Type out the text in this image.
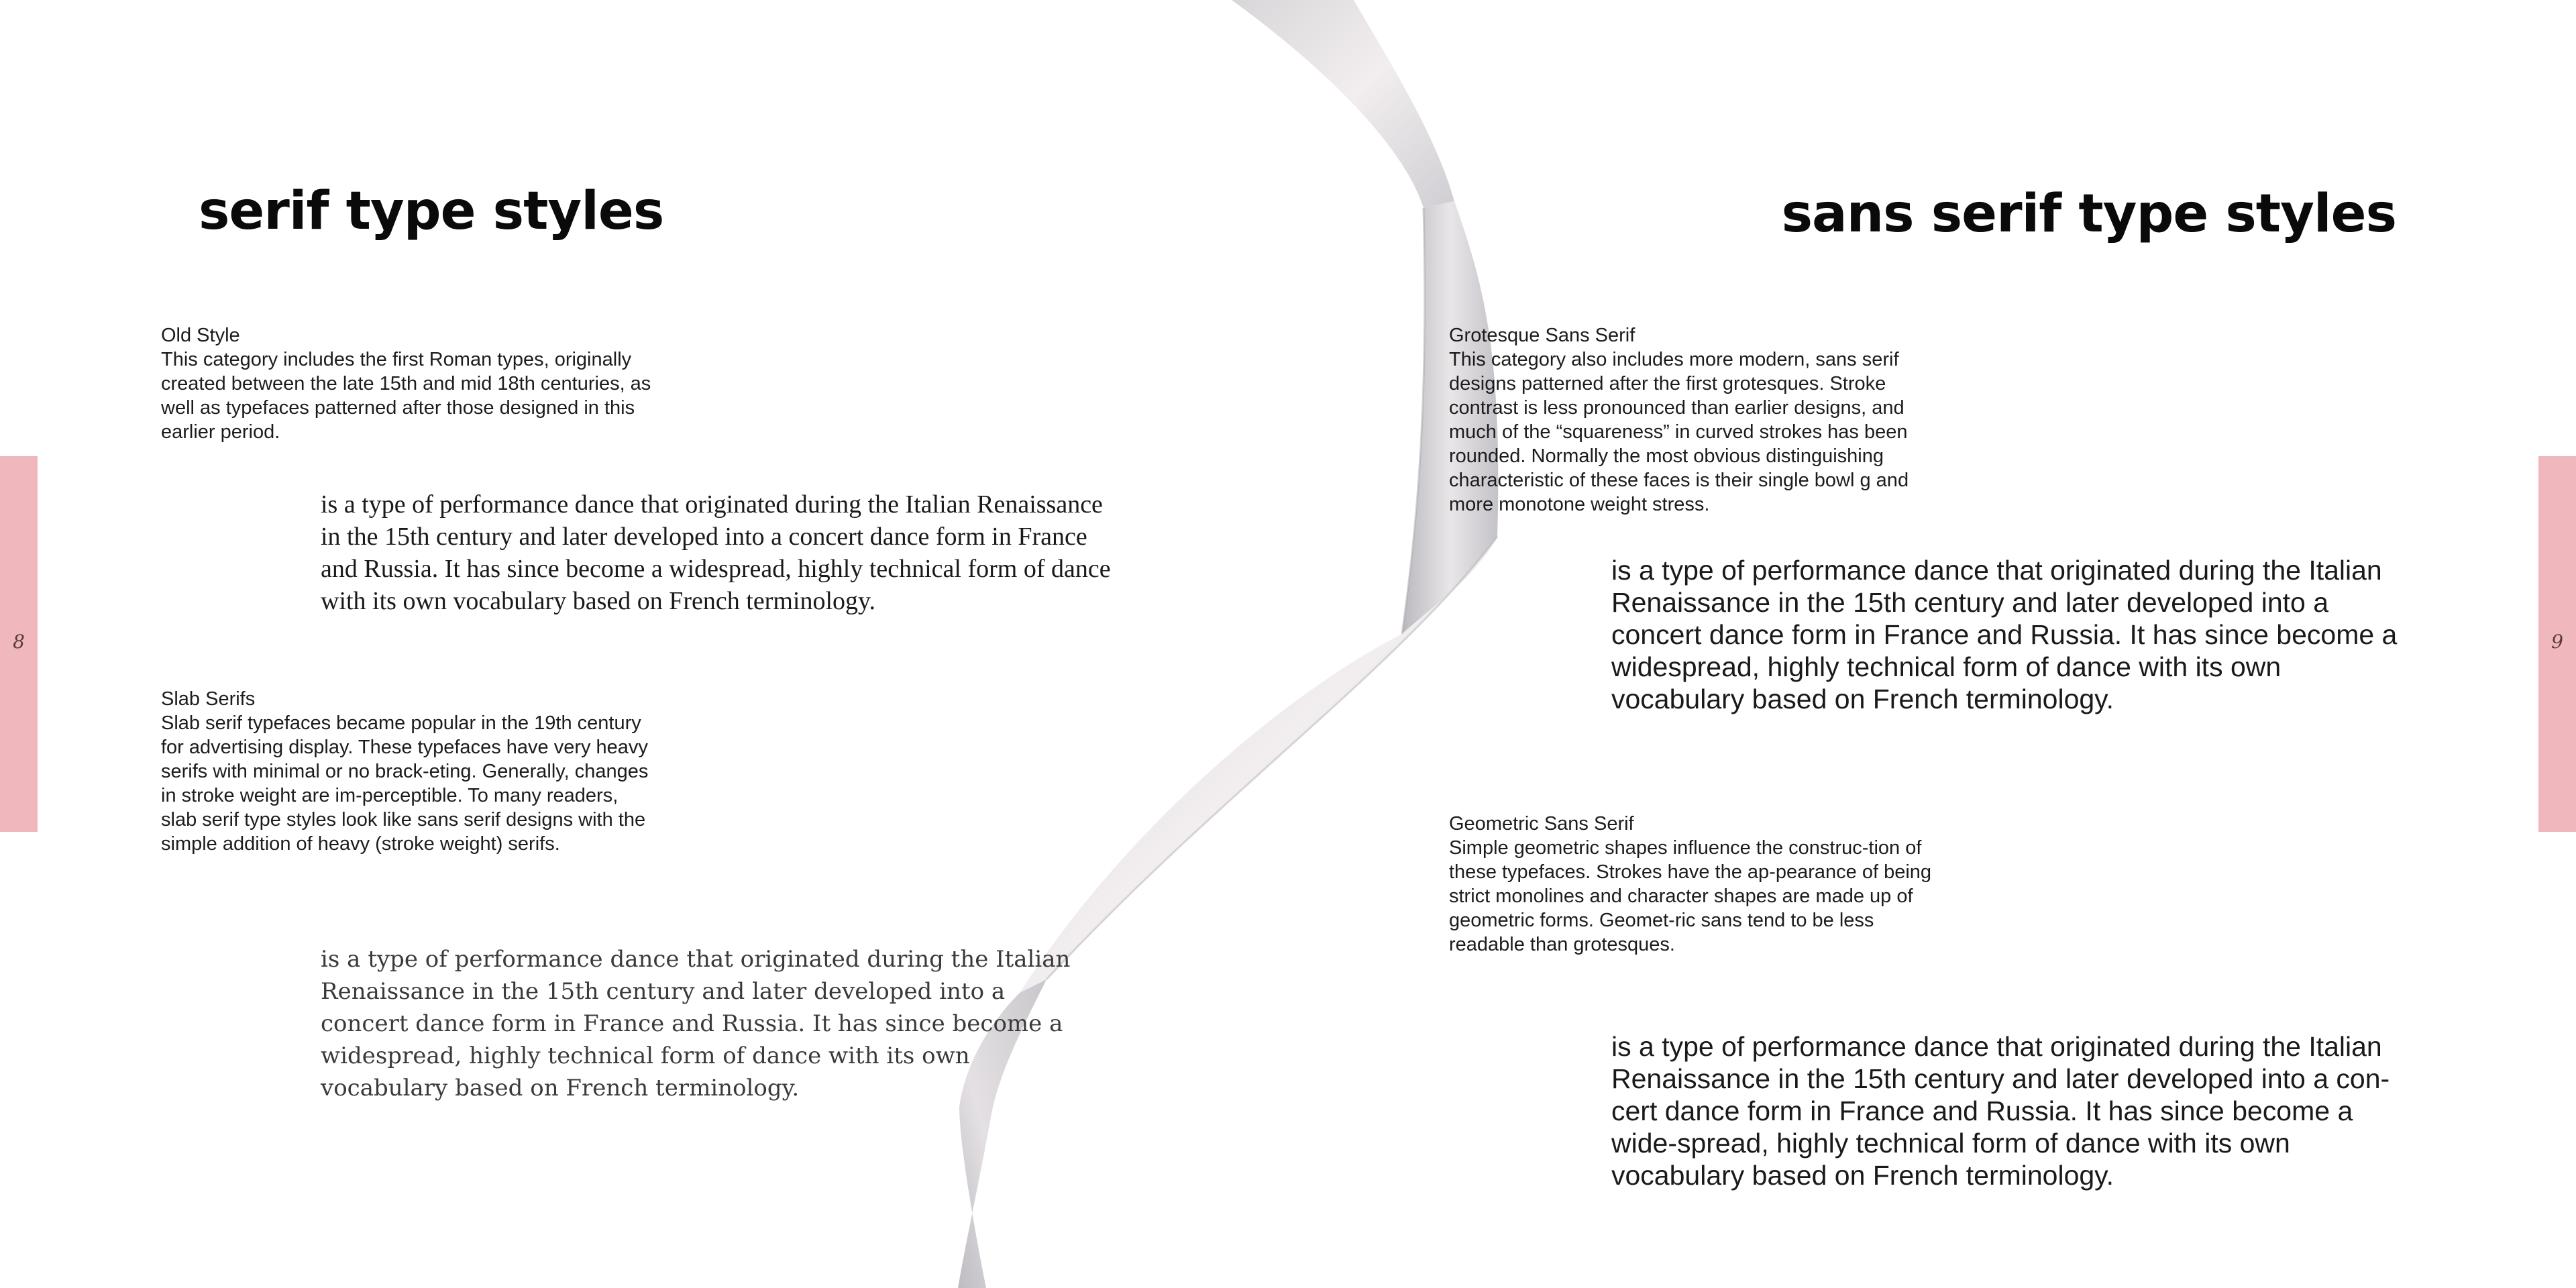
8
serif type styles
Old Style
This category includes the first Roman types, originally created between the late 15th and mid 18th centuries, as well as typefaces patterned after those designed in this earlier period.

is a type of performance dance that originated during the Italian Renaissance in the 15th century and later developed into a concert dance form in France and Russia. It has since become a widespread, highly technical form of dance with its own vocabulary based on French terminology.

Slab Serifs
Slab serif typefaces became popular in the 19th century for advertising display. These typefaces have very heavy serifs with minimal or no brack-eting. Generally, changes in stroke weight are im-perceptible. To many readers, slab serif type styles look like sans serif designs with the simple addition of heavy (stroke weight) serifs.

is a type of performance dance that originated during the Italian Renaissance in the 15th century and later developed into a concert dance form in France and Russia. It has since become a widespread, highly technical form of dance with its own vocabulary based on French terminology.

sans serif type styles
Grotesque Sans Serif
This category also includes more modern, sans serif designs patterned after the first grotesques. Stroke contrast is less pronounced than earlier designs, and much of the “squareness” in curved strokes has been rounded. Normally the most obvious distinguishing characteristic of these faces is their single bowl g and more monotone weight stress.

is a type of performance dance that originated during the Italian Renaissance in the 15th century and later developed into a concert dance form in France and Russia. It has since become a widespread, highly technical form of dance with its own vocabulary based on French terminology.

Geometric Sans Serif
Simple geometric shapes influence the construc-tion of these typefaces. Strokes have the ap-pearance of being strict monolines and character shapes are made up of geometric forms. Geomet-ric sans tend to be less readable than grotesques.

is a type of performance dance that originated during the Italian Renaissance in the 15th century and later developed into a con-cert dance form in France and Russia. It has since become a wide-spread, highly technical form of dance with its own vocabulary based on French terminology.

9
